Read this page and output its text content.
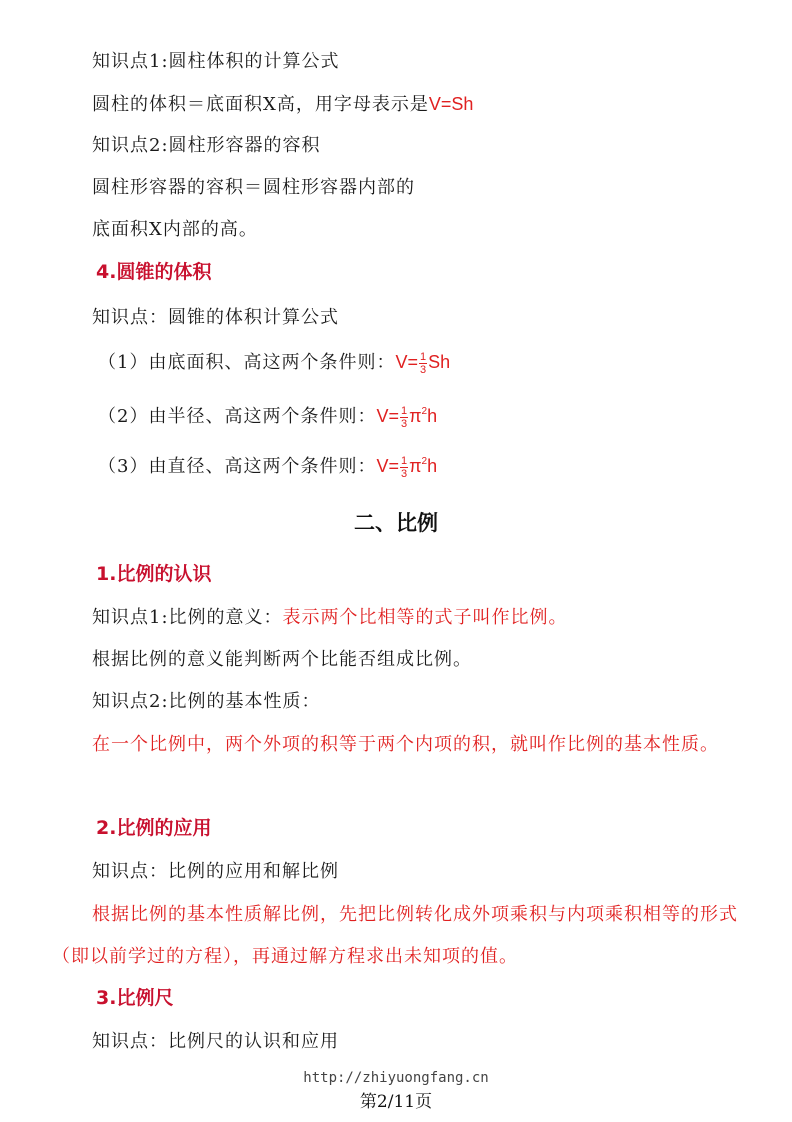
知识点1:圆柱体积的计算公式
圆柱的体积＝底面积X高，用字母表示是V=Sh
知识点2:圆柱形容器的容积
圆柱形容器的容积＝圆柱形容器内部的
底面积X内部的高。
4.圆锥的体积
知识点：圆锥的体积计算公式
（1）由底面积、高这两个条件则：$V= \frac{1}{3}$ Sh
（2）由半径、高这两个条件则：$V= \frac{1}{3} \pi^2h$
（3）由直径、高这两个条件则：$V= \frac{1}{3} \pi^2h$
二、比例
1.比例的认识
知识点1:比例的意义：表示两个比相等的式子叫作比例。
根据比例的意义能判断两个比能否组成比例。
知识点2:比例的基本性质：
在一个比例中，两个外项的积等于两个内项的积，就叫作比例的基本性质。
2.比例的应用
知识点：比例的应用和解比例
根据比例的基本性质解比例，先把比例转化成外项乘积与内项乘积相等的形式（即以前学过的方程），再通过解方程求出未知项的值。
3.比例尺
知识点：比例尺的认识和应用
http://zhiyuongfang.cn
第2/11页
